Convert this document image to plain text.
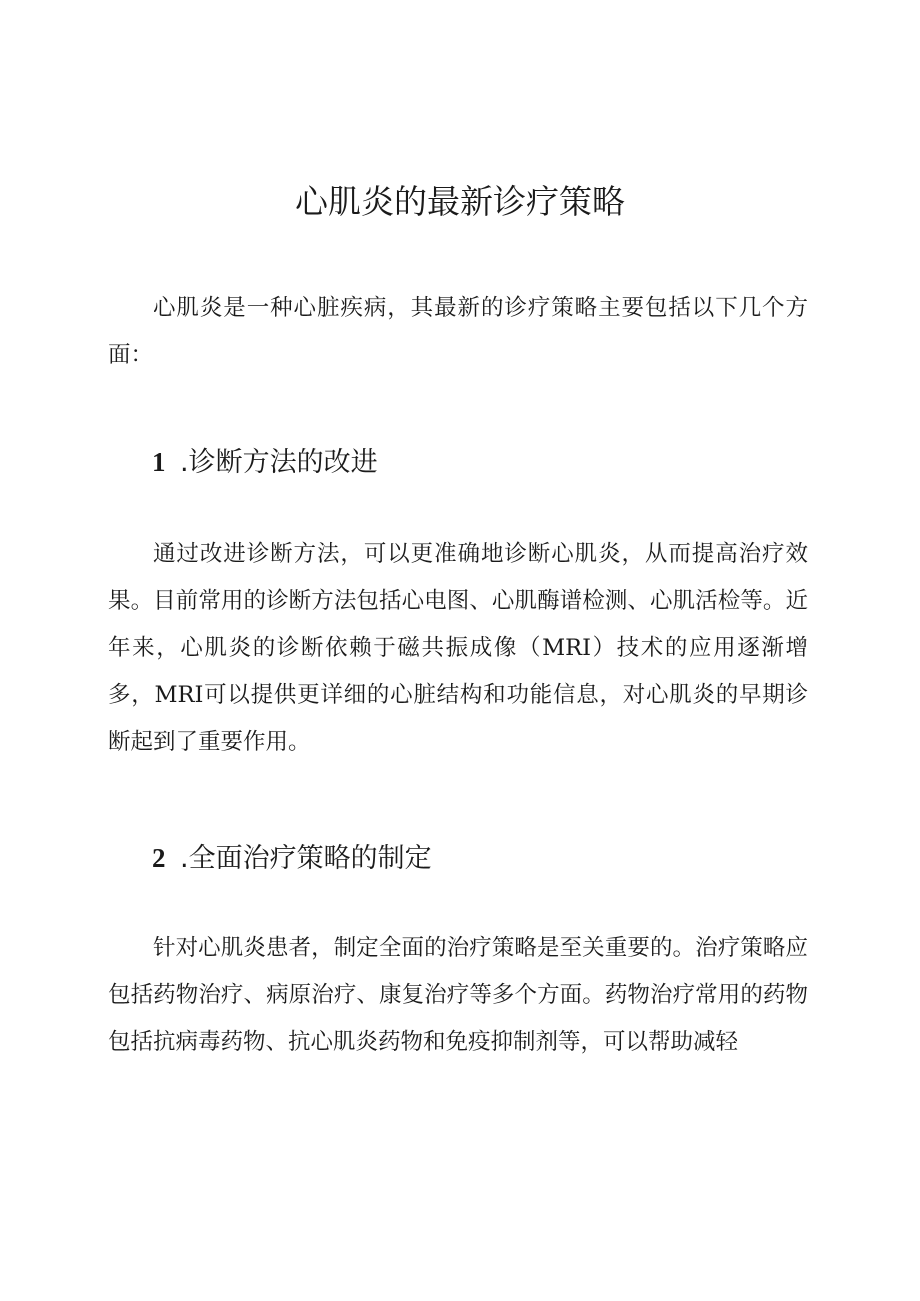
心肌炎的最新诊疗策略

心肌炎是一种心脏疾病，其最新的诊疗策略主要包括以下几个方面：

1 .诊断方法的改进

通过改进诊断方法，可以更准确地诊断心肌炎，从而提高治疗效果。目前常用的诊断方法包括心电图、心肌酶谱检测、心肌活检等。近年来，心肌炎的诊断依赖于磁共振成像（MRI）技术的应用逐渐增多，MRI可以提供更详细的心脏结构和功能信息，对心肌炎的早期诊断起到了重要作用。

2 .全面治疗策略的制定

针对心肌炎患者，制定全面的治疗策略是至关重要的。治疗策略应包括药物治疗、病原治疗、康复治疗等多个方面。药物治疗常用的药物包括抗病毒药物、抗心肌炎药物和免疫抑制剂等，可以帮助减轻
